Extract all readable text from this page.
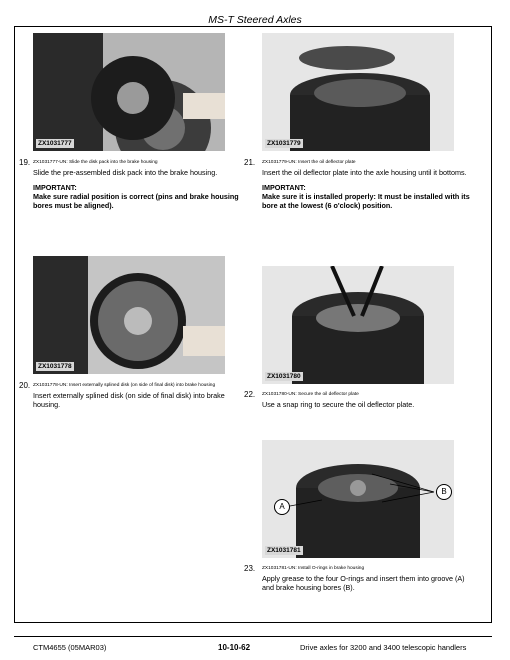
MS-T Steered Axles
ZX1031777	ZX1031779
ZX1031778
ZX1031780
A
B
ZX1031781
19. ZX1031777-UN: Slide the disk pack into the brake housing
Slide the pre-assembled disk pack into the brake housing.
IMPORTANT:
Make sure radial position is correct (pins and brake housing bores must be aligned).
21. ZX1031779-UN: Insert the oil deflector plate
Insert the oil deflector plate into the axle housing until it bottoms.
IMPORTANT:
Make sure it is installed properly: It must be installed with its bore at the lowest (6 o'clock) position.
20. ZX1031778-UN: Insert externally splined disk (on side of final disk) into brake housing
Insert externally splined disk (on side of final disk) into brake housing.
22. ZX1031780-UN: Secure the oil deflector plate
Use a snap ring to secure the oil deflector plate.
23. ZX1031781-UN: Install O-rings in brake housing
Apply grease to the four O-rings and insert them into groove (A) and brake housing bores (B).
CTM4655 (05MAR03)	10-10-62	Drive axles for 3200 and 3400 telescopic handlers
